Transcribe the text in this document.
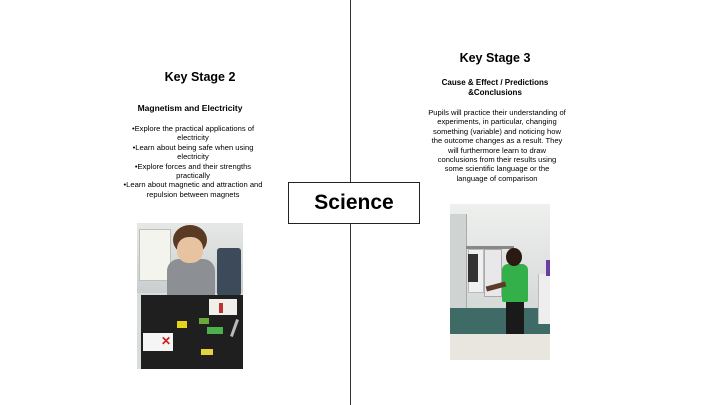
Key Stage 2
Magnetism and Electricity
•Explore the practical applications of electricity
•Learn about being safe when using electricity
•Explore forces and their strengths practically
•Learn about magnetic and attraction and repulsion between magnets	Science
Key Stage 3
Cause & Effect / Predictions &Conclusions
Pupils will practice their understanding of experiments, in particular, changing something (variable) and noticing how the outcome changes as a result. They will furthermore learn to draw conclusions from their results using some scientific language or the language of comparison
✕
